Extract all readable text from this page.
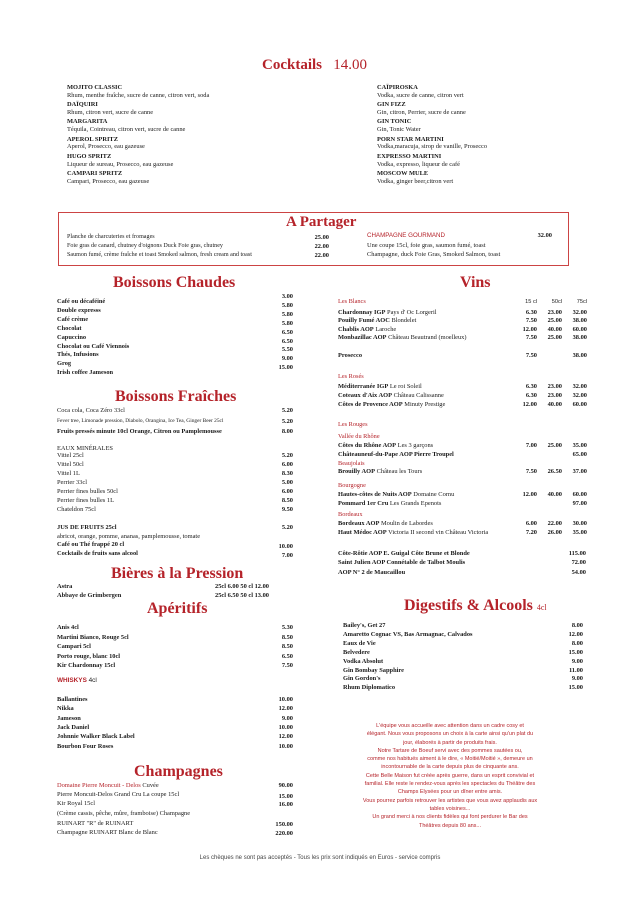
Cocktails 14.00
MOJITO CLASSIC
Rhum, menthe fraîche, sucre de canne, citron vert, soda
DAÏQUIRI
Rhum, citron vert, sucre de canne
MARGARITA
Téquila, Cointreau, citron vert, sucre de canne
APEROL SPRITZ
Aperol, Prosecco, eau gazeuse
HUGO SPRITZ
Liqueur de sureau, Prosecco, eau gazeuse
CAMPARI SPRITZ
Campari, Prosecco, eau gazeuse
CAÏPIROSKA
Vodka, sucre de canne, citron vert
GIN FIZZ
Gin, citron, Perrier, sucre de canne
GIN TONIC
Gin, Tonic Water
PORN STAR MARTINI
Vodka,maracuja, sirop de vanille, Prosecco
EXPRESSO MARTINI
Vodka, expresso, liqueur de café
MOSCOW MULE
Vodka, ginger beer,citron vert
A Partager
Planche de charcuteries et fromages	25.00
Foie gras de canard, chutney d'oignons Duck Foie gras, chutney	22.00
Saumon fumé, crème fraîche et toast Smoked salmon, fresh cream and toast	22.00
CHAMPAGNE GOURMAND	32.00
Une coupe 15cl, foie gras, saumon fumé, toast
Champagne, duck Foie Gras, Smoked Salmon, toast
Boissons Chaudes
Café ou décaféiné
3.00
Double expresss
5.80
Café crème
5.80
Chocolat
5.80
Capuccino
6.50
Chocolat ou Café Viennois
6.50
Thés, Infusions
5.50
Grog
9.00
Irish coffee Jameson
15.00
Boissons Fraîches
Coca cola, Coca Zéro 33cl	5.20
Fever tree, Limonade pression, Diabolo, Orangina, Ice Tea, Ginger Beer 25cl	5.20
Fruits pressés minute 10cl Orange, Citron ou Pamplemousse	8.00
EAUX MINÉRALES
Vittel 25cl	5.20
Vittel 50cl	6.00
Vittel 1L	8.30
Perrier 33cl	5.00
Perrier fines bulles 50cl	6.00
Perrier fines bulles 1L	8.50
Chateldon 75cl	9.50
JUS DE FRUITS 25cl	5.20
abricot, orange, pomme, ananas, pamplemousse, tomate
Café ou Thé frappé 20 cl	10.00
Cocktails de fruits sans alcool	7.00
Bières à la Pression
Astra	25cl 6.00 50 cl 12.00
Abbaye de Grimbergen	25cl 6.50 50 cl 13.00
Apéritifs
Anis 4cl	5.30
Martini Bianco, Rouge 5cl	8.50
Campari 5cl	8.50
Porto rouge, blanc 10cl	6.50
Kir Chardonnay 15cl	7.50
WHISKYS 4cl
Ballantines	10.00
Nikka	12.00
Jameson	9.00
Jack Daniel	10.00
Johnnie Walker Black Label	12.00
Bourbon Four Roses	10.00
Champagnes
Domaine Pierre Moncuit - Delos Cuvée	90.00
Pierre Moncuit-Delos Grand Cru La coupe 15cl	15.00
Kir Royal 15cl	16.00
(Crème cassis, pêche, mûre, framboise) Champagne
RUINART "R" de RUINART	150.00
Champagne RUINART Blanc de Blanc	220.00
Vins
15 cl	50cl	75cl
Les Blancs
Chardonnay IGP Pays d' Oc Lorgeril	6.30 23.00 32.00
Pouilly Fumé AOC Blondelet	7.50 25.00 38.00
Chablis AOP Laroche	12.00 40.00 60.00
Monbazillac AOP Château Beautrand (moelleux)	7.50 25.00 38.00
Prosecco	7.50	38.00
Méditerranée IGP Le roi Soleil	6.30 23.00 32.00
Coteaux d'Aix AOP Château Calissanne	6.30 23.00 32.00
Côtes de Provence AOP Minuty Prestige	12.00 40.00 60.00
Côtes du Rhône AOP Les 3 garçons	7.00 25.00 35.00
Châteauneuf-du-Pape AOP Pierre Troupel	65.00
Brouilly AOP Château les Tours	7.50 26.50 37.00
Hautes-côtes de Nuits AOP Domaine Cornu	12.00 40.00 60.00
Pommard 1er Cru Les Grands Epenots	97.00
Bordeaux AOP Moulin de Labordes	6.00 22.00 30.00
Haut Médoc AOP Victoria II second vin Château Victoria	7.20 26.00 35.00
Les Rosés
Les Rouges
Vallée du Rhône
Beaujolais
Bourgogne
Bordeaux
Côte-Rôtie AOP E. Guigal Côte Brune et Blonde	115.00
Saint Julien AOP Connétable de Talbot Moulis	72.00
AOP N° 2 de Maucaillou	54.00
Digestifs & Alcools 4cl
Bailey's, Get 27	8.00
Amaretto Cognac VS, Bas Armagnac, Calvados	12.00
Eaux de Vie	8.00
Belvedere	15.00
Vodka Absolut	9.00
Gin Bombay Sapphire	11.00
Gin Gordon's	9.00
Rhum Diplomatico	15.00
L'équipe vous accueille avec attention dans un cadre cosy et
élégant. Nous vous proposons un choix à la carte ainsi qu'un plat du
jour, élaborés à partir de produits frais.
Notre Tartare de Boeuf servi avec des pommes sautées ou,
comme nos habitués aiment à le dire, « Moitié/Moitié », demeure un
incontournable de la carte depuis plus de cinquante ans.
Cette Belle Maison fut créée après guerre, dans un esprit convivial et
familial. Elle reste le rendez-vous après les spectacles du Théâtre des
Champs Elysées pour un dîner entre amis.
Vous pourrez parfois retrouver les artistes que vous avez applaudis aux
tables voisines...
Un grand merci à nos clients fidèles qui font perdurer le Bar des
Théâtres depuis 80 ans...
Les chèques ne sont pas acceptés - Tous les prix sont indiqués en Euros - service compris
